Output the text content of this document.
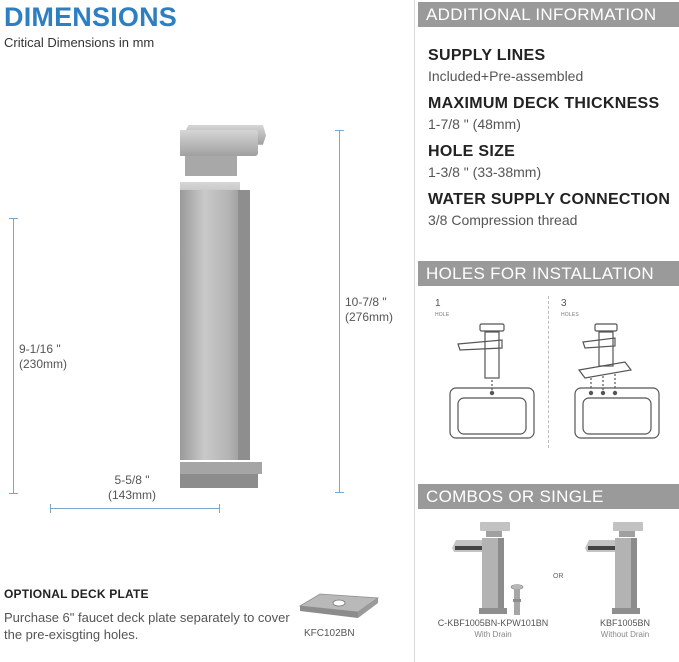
DIMENSIONS
Critical Dimensions in mm
9-1/16 "
(230mm)
10-7/8 "
(276mm)
5-5/8 "
(143mm)
OPTIONAL DECK PLATE
Purchase 6" faucet deck plate separately to cover the pre-exisgting holes.	KFC102BN
ADDITIONAL INFORMATION
SUPPLY LINES
Included+Pre-assembled
MAXIMUM DECK THICKNESS
1-7/8 " (48mm)
HOLE SIZE
1-3/8 " (33-38mm)
WATER SUPPLY CONNECTION
3/8 Compression thread
HOLES FOR INSTALLATION
1
HOLE
3
HOLES
COMBOS OR SINGLE
OR
C-KBF1005BN-KPW101BN
With Drain
KBF1005BN
Without Drain
